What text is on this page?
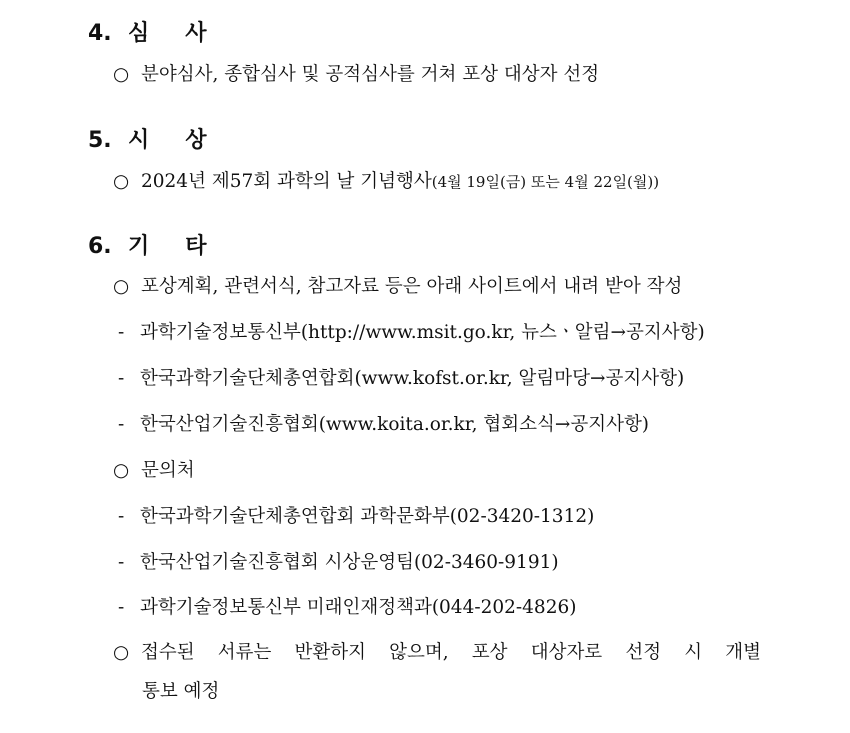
4. 심사
○ 분야심사, 종합심사 및 공적심사를 거쳐 포상 대상자 선정
5. 시상
○ 2024년 제57회 과학의 날 기념행사(4월 19일(금) 또는 4월 22일(월))
6. 기타
○ 포상계획, 관련서식, 참고자료 등은 아래 사이트에서 내려 받아 작성
- 과학기술정보통신부(http://www.msit.go.kr, 뉴스ㆍ알림→공지사항)
- 한국과학기술단체총연합회(www.kofst.or.kr, 알림마당→공지사항)
- 한국산업기술진흥협회(www.koita.or.kr, 협회소식→공지사항)
○ 문의처
- 한국과학기술단체총연합회 과학문화부(02-3420-1312)
- 한국산업기술진흥협회 시상운영팀(02-3460-9191)
- 과학기술정보통신부 미래인재정책과(044-202-4826)
○ 접수된 서류는 반환하지 않으며, 포상 대상자로 선정 시 개별
통보 예정
